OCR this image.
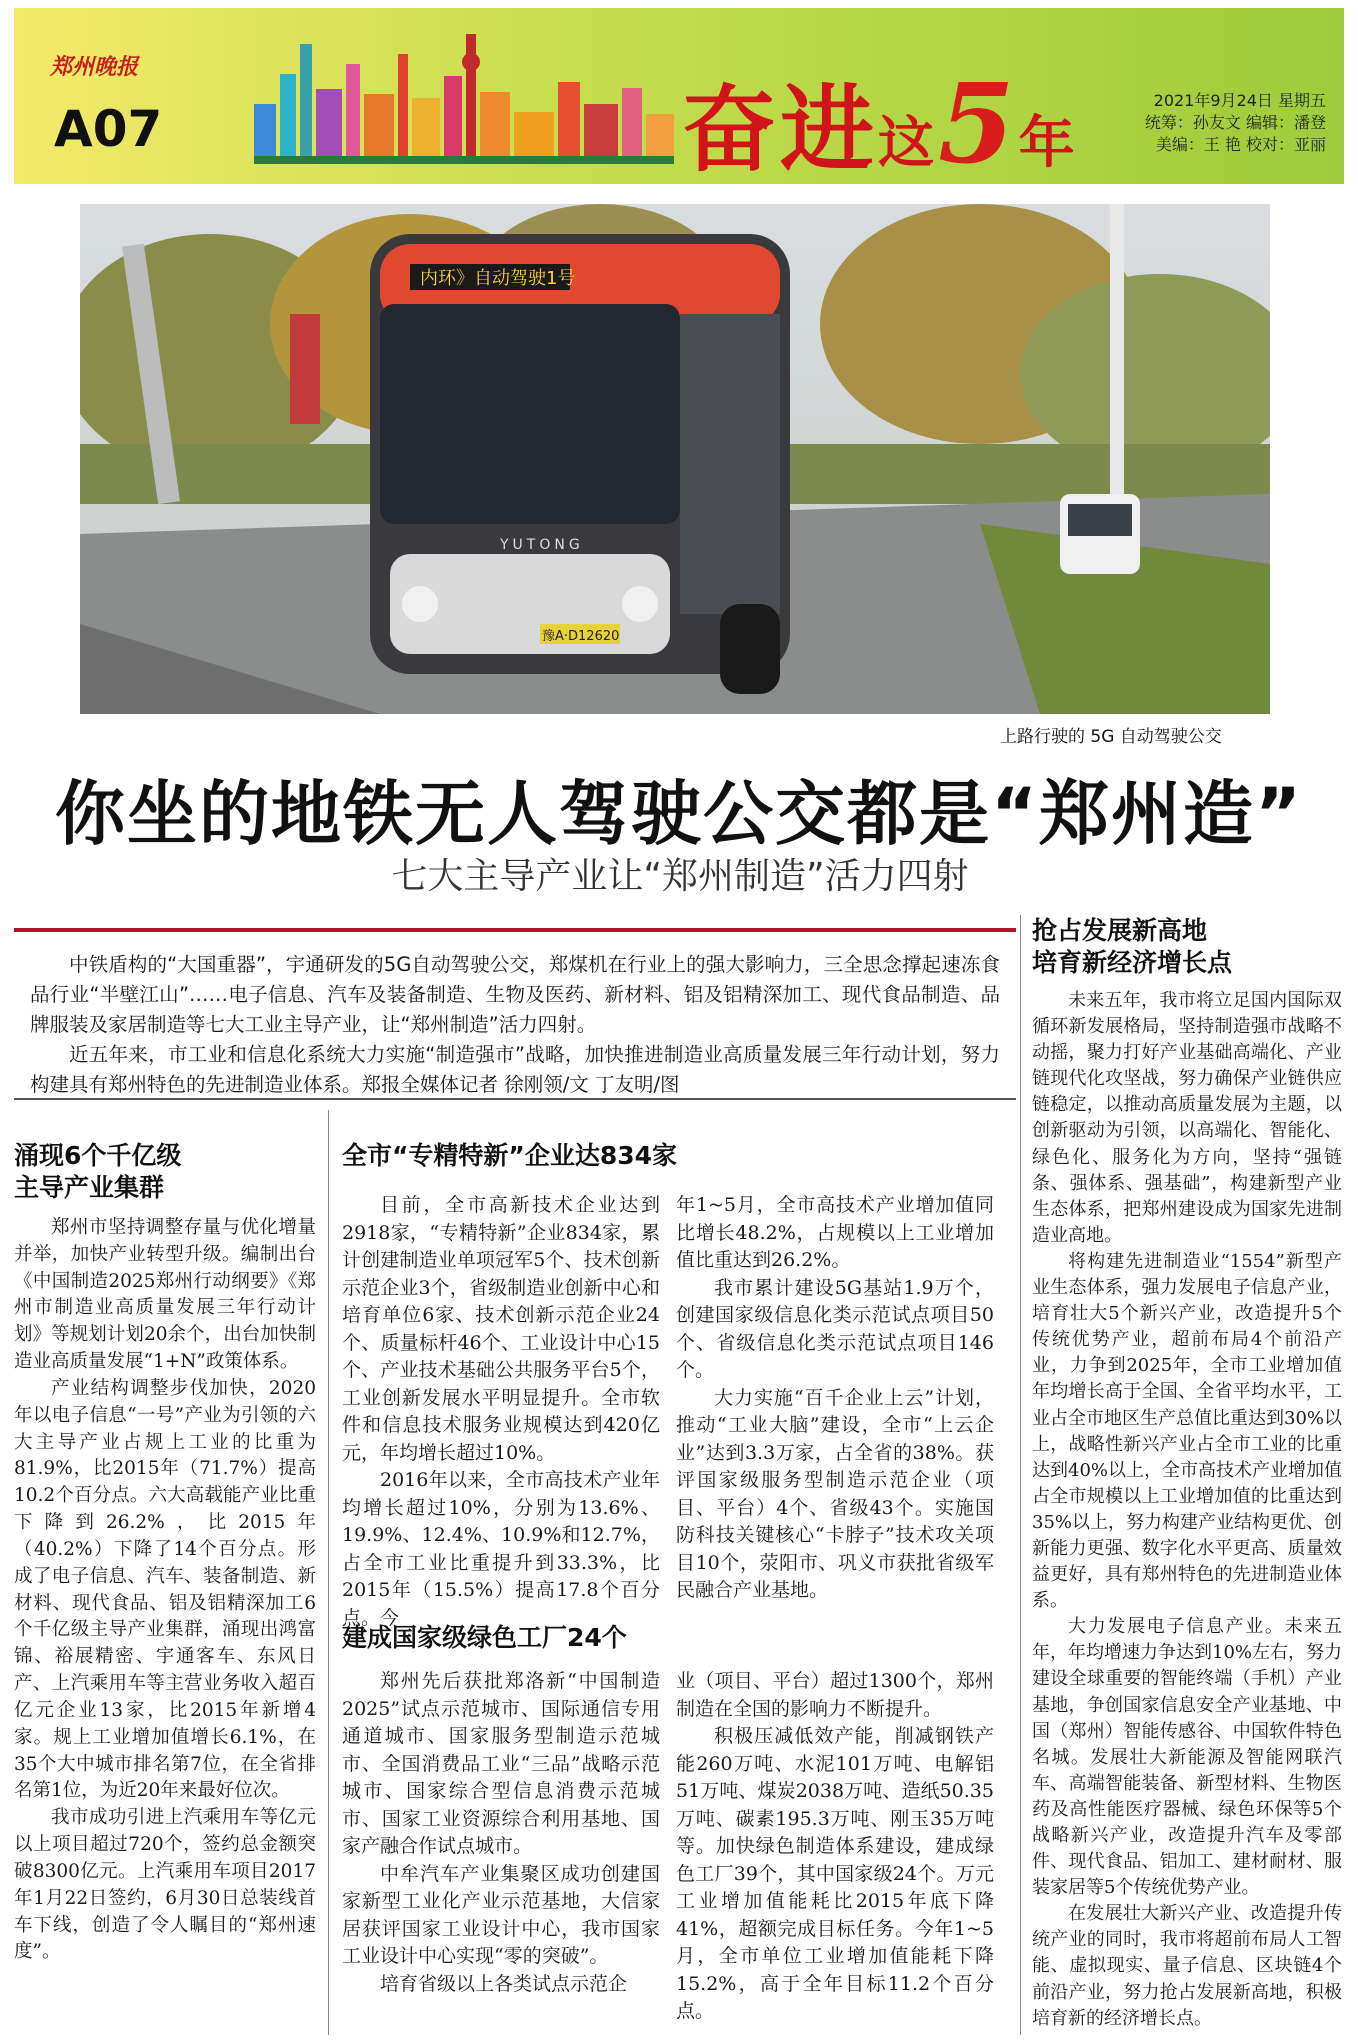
郑州晚报
A07	奋进这5年
2021年9月24日 星期五
统筹：孙友文 编辑：潘登
美编：王 艳 校对：亚丽
内环》自动驾驶1号
YUTONG
豫A·D12620
上路行驶的 5G 自动驾驶公交
你坐的地铁无人驾驶公交都是“郑州造”
七大主导产业让“郑州制造”活力四射

中铁盾构的“大国重器”，宇通研发的5G自动驾驶公交，郑煤机在行业上的强大影响力，三全思念撑起速冻食品行业“半壁江山”……电子信息、汽车及装备制造、生物及医药、新材料、铝及铝精深加工、现代食品制造、品牌服装及家居制造等七大工业主导产业，让“郑州制造”活力四射。

近五年来，市工业和信息化系统大力实施“制造强市”战略，加快推进制造业高质量发展三年行动计划，努力构建具有郑州特色的先进制造业体系。郑报全媒体记者 徐刚领/文 丁友明/图

涌现6个千亿级
主导产业集群

郑州市坚持调整存量与优化增量并举，加快产业转型升级。编制出台《中国制造2025郑州行动纲要》《郑州市制造业高质量发展三年行动计划》等规划计划20余个，出台加快制造业高质量发展“1+N”政策体系。

产业结构调整步伐加快，2020年以电子信息“一号”产业为引领的六大主导产业占规上工业的比重为81.9%，比2015年（71.7%）提高10.2个百分点。六大高载能产业比重下降到26.2%，比2015年（40.2%）下降了14个百分点。形成了电子信息、汽车、装备制造、新材料、现代食品、铝及铝精深加工6个千亿级主导产业集群，涌现出鸿富锦、裕展精密、宇通客车、东风日产、上汽乘用车等主营业务收入超百亿元企业13家，比2015年新增4家。规上工业增加值增长6.1%，在35个大中城市排名第7位，在全省排名第1位，为近20年来最好位次。

我市成功引进上汽乘用车等亿元以上项目超过720个，签约总金额突破8300亿元。上汽乘用车项目2017年1月22日签约，6月30日总装线首车下线，创造了令人瞩目的“郑州速度”。

全市“专精特新”企业达834家

目前，全市高新技术企业达到2918家，“专精特新”企业834家，累计创建制造业单项冠军5个、技术创新示范企业3个，省级制造业创新中心和培育单位6家、技术创新示范企业24个、质量标杆46个、工业设计中心15个、产业技术基础公共服务平台5个，工业创新发展水平明显提升。全市软件和信息技术服务业规模达到420亿元，年均增长超过10%。

2016年以来，全市高技术产业年均增长超过10%，分别为13.6%、19.9%、12.4%、10.9%和12.7%，占全市工业比重提升到33.3%，比2015年（15.5%）提高17.8个百分点。今

年1~5月，全市高技术产业增加值同比增长48.2%，占规模以上工业增加值比重达到26.2%。

我市累计建设5G基站1.9万个，创建国家级信息化类示范试点项目50个、省级信息化类示范试点项目146个。

大力实施“百千企业上云”计划，推动“工业大脑”建设，全市“上云企业”达到3.3万家，占全省的38%。获评国家级服务型制造示范企业（项目、平台）4个、省级43个。实施国防科技关键核心“卡脖子”技术攻关项目10个，荥阳市、巩义市获批省级军民融合产业基地。

建成国家级绿色工厂24个

郑州先后获批郑洛新“中国制造2025”试点示范城市、国际通信专用通道城市、国家服务型制造示范城市、全国消费品工业“三品”战略示范城市、国家综合型信息消费示范城市、国家工业资源综合利用基地、国家产融合作试点城市。

中牟汽车产业集聚区成功创建国家新型工业化产业示范基地，大信家居获评国家工业设计中心，我市国家工业设计中心实现“零的突破”。

培育省级以上各类试点示范企

业（项目、平台）超过1300个，郑州制造在全国的影响力不断提升。

积极压减低效产能，削减钢铁产能260万吨、水泥101万吨、电解铝51万吨、煤炭2038万吨、造纸50.35万吨、碳素195.3万吨、刚玉35万吨等。加快绿色制造体系建设，建成绿色工厂39个，其中国家级24个。万元工业增加值能耗比2015年底下降41%，超额完成目标任务。今年1~5月，全市单位工业增加值能耗下降15.2%，高于全年目标11.2个百分点。

抢占发展新高地
培育新经济增长点

未来五年，我市将立足国内国际双循环新发展格局，坚持制造强市战略不动摇，聚力打好产业基础高端化、产业链现代化攻坚战，努力确保产业链供应链稳定，以推动高质量发展为主题，以创新驱动为引领，以高端化、智能化、绿色化、服务化为方向，坚持“强链条、强体系、强基础”，构建新型产业生态体系，把郑州建设成为国家先进制造业高地。

将构建先进制造业“1554”新型产业生态体系，强力发展电子信息产业，培育壮大5个新兴产业，改造提升5个传统优势产业，超前布局4个前沿产业，力争到2025年，全市工业增加值年均增长高于全国、全省平均水平，工业占全市地区生产总值比重达到30%以上，战略性新兴产业占全市工业的比重达到40%以上，全市高技术产业增加值占全市规模以上工业增加值的比重达到35%以上，努力构建产业结构更优、创新能力更强、数字化水平更高、质量效益更好，具有郑州特色的先进制造业体系。

大力发展电子信息产业。未来五年，年均增速力争达到10%左右，努力建设全球重要的智能终端（手机）产业基地，争创国家信息安全产业基地、中国（郑州）智能传感谷、中国软件特色名城。发展壮大新能源及智能网联汽车、高端智能装备、新型材料、生物医药及高性能医疗器械、绿色环保等5个战略新兴产业，改造提升汽车及零部件、现代食品、铝加工、建材耐材、服装家居等5个传统优势产业。

在发展壮大新兴产业、改造提升传统产业的同时，我市将超前布局人工智能、虚拟现实、量子信息、区块链4个前沿产业，努力抢占发展新高地，积极培育新的经济增长点。
